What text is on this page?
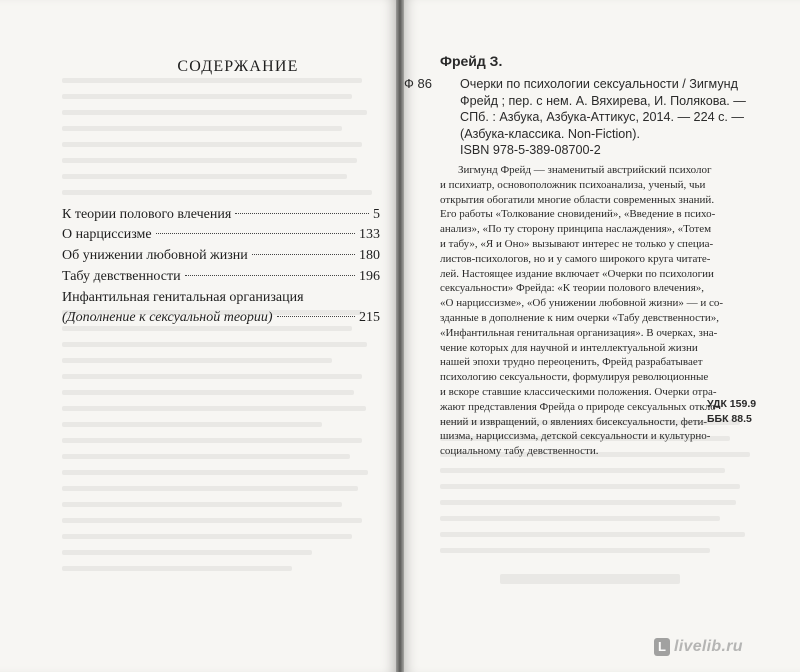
СОДЕРЖАНИЕ
К теории полового влечения	5
О нарциссизме	133
Об унижении любовной жизни	180
Табу девственности	196
Инфантильная генитальная организация
(Дополнение к сексуальной теории)	215
Фрейд З.
Ф 86 Очерки по психологии сексуальности / Зигмунд
Фрейд ; пер. с нем. А. Вяхирева, И. Полякова. —
СПб. : Азбука, Азбука-Аттикус, 2014. — 224 с. —
(Азбука-классика. Non-Fiction).
ISBN 978-5-389-08700-2
Зигмунд Фрейд — знаменитый австрийский психолог
и психиатр, основоположник психоанализа, ученый, чьи
открытия обогатили многие области современных знаний.
Его работы «Толкование сновидений», «Введение в психо-
анализ», «По ту сторону принципа наслаждения», «Тотем
и табу», «Я и Оно» вызывают интерес не только у специа-
листов-психологов, но и у самого широкого круга читате-
лей. Настоящее издание включает «Очерки по психологии
сексуальности» Фрейда: «К теории полового влечения»,
«О нарциссизме», «Об унижении любовной жизни» — и со-
зданные в дополнение к ним очерки «Табу девственности»,
«Инфантильная генитальная организация». В очерках, зна-
чение которых для научной и интеллектуальной жизни
нашей эпохи трудно переоценить, Фрейд разрабатывает
психологию сексуальности, формулируя революционные
и вскоре ставшие классическими положения. Очерки отра-
жают представления Фрейда о природе сексуальных откло-
нений и извращений, о явлениях бисексуальности, фети-
шизма, нарциссизма, детской сексуальности и культурно-
социальному табу девственности.
УДК 159.9
ББК 88.5
L livelib.ru
